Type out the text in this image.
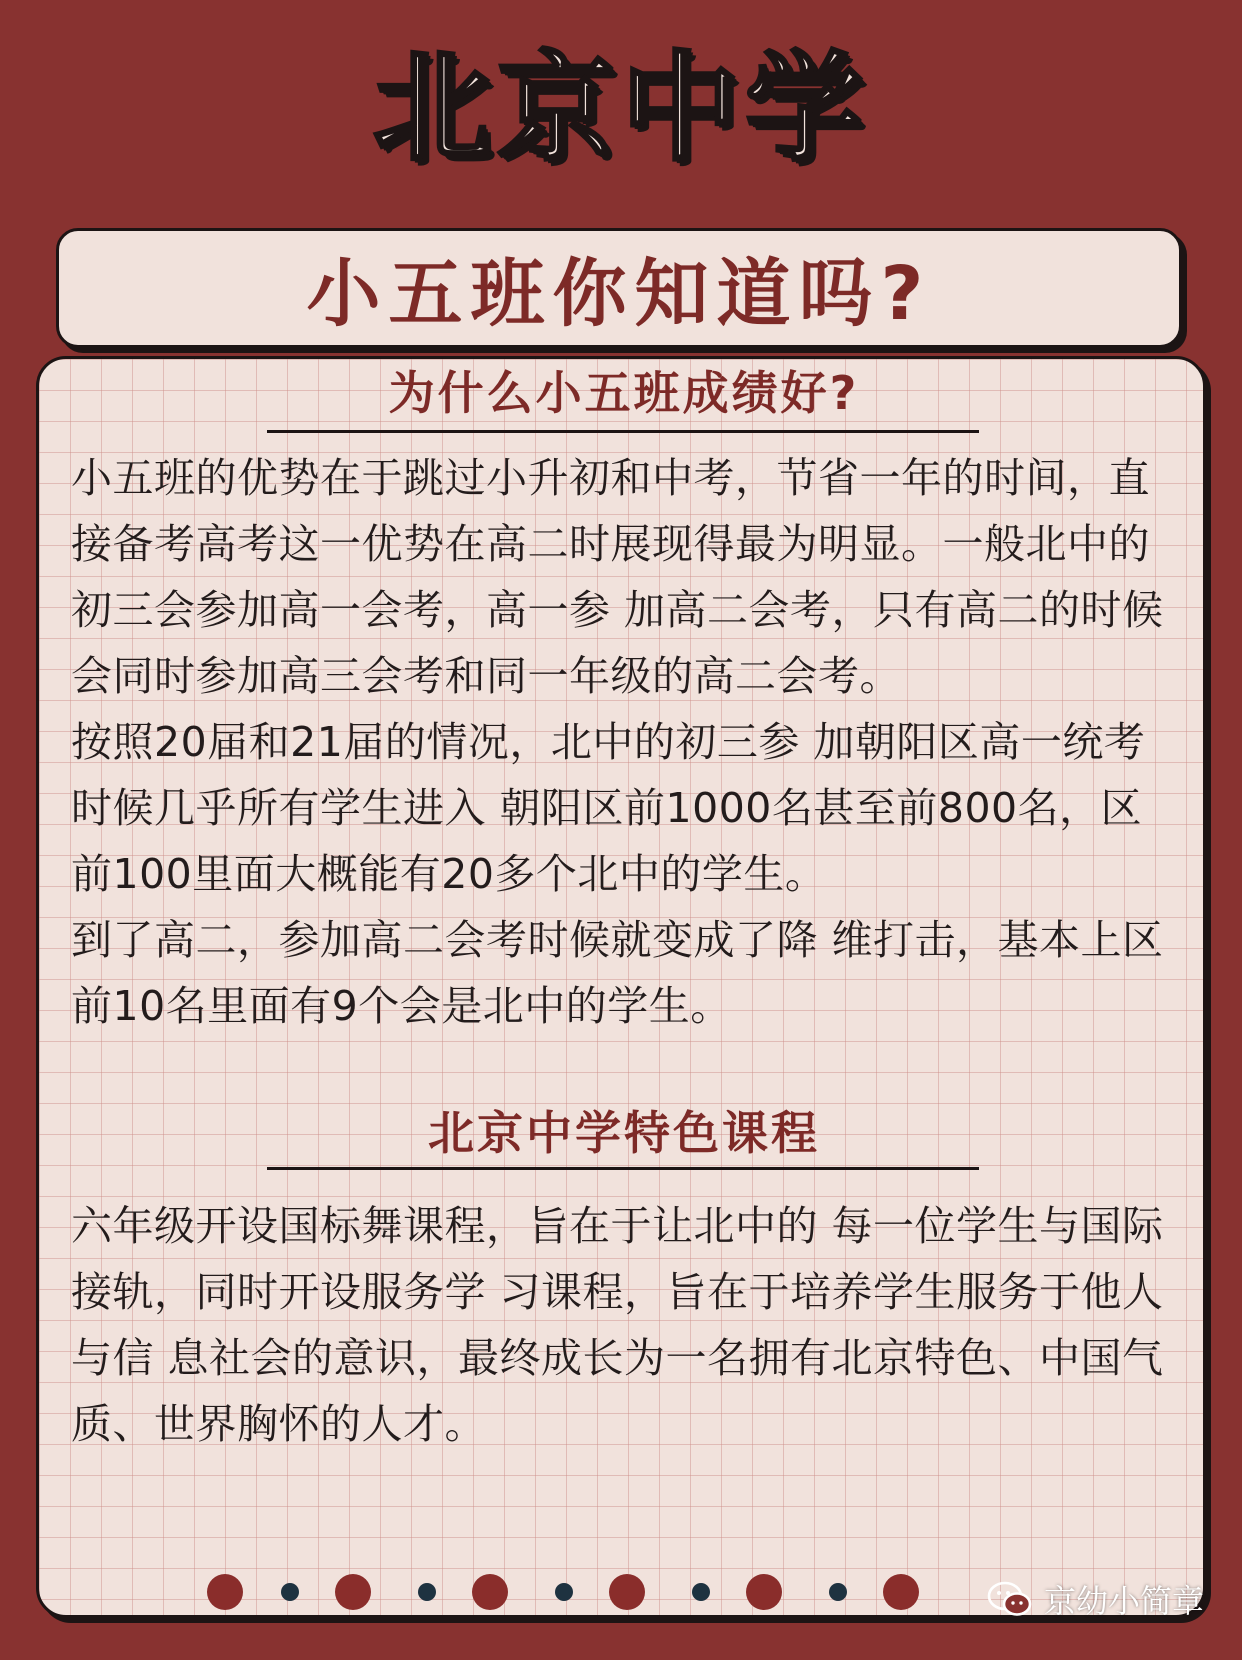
北京中学
小五班你知道吗?
为什么小五班成绩好?

小五班的优势在于跳过小升初和中考，节省一年的时间，直接备考高考这一优势在高二时展现得最为明显。一般北中的初三会参加高一会考，高一参 加高二会考，只有高二的时候会同时参加高三会考和同一年级的高二会考。

按照20届和21届的情况，北中的初三参 加朝阳区高一统考时候几乎所有学生进入 朝阳区前1000名甚至前800名，区前100里面大概能有20多个北中的学生。

到了高二，参加高二会考时候就变成了降 维打击，基本上区前10名里面有9个会是北中的学生。

北京中学特色课程

六年级开设国标舞课程，旨在于让北中的 每一位学生与国际接轨，同时开设服务学 习课程，旨在于培养学生服务于他人与信 息社会的意识，最终成长为一名拥有北京特色、中国气质、世界胸怀的人才。

京幼小简章
